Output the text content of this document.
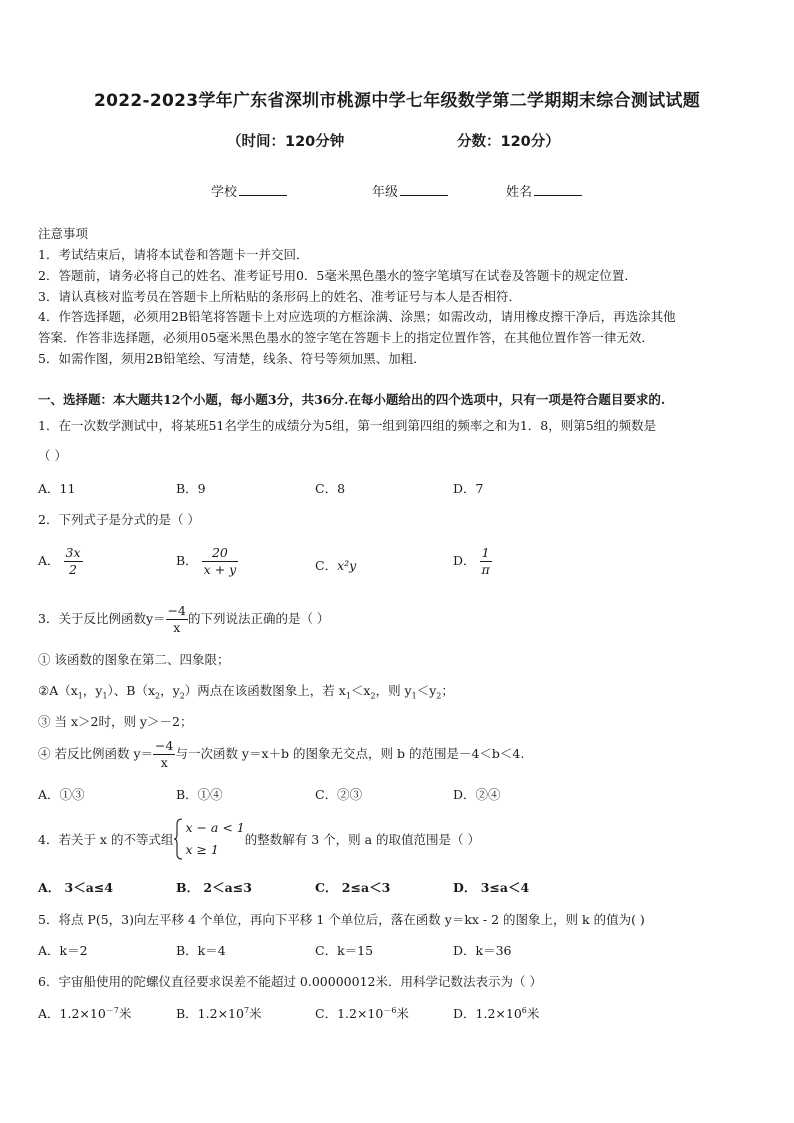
2022-2023学年广东省深圳市桃源中学七年级数学第二学期期末综合测试试题
（时间：120分钟	分数：120分）
学校	年级	姓名
注意事项
1．考试结束后，请将本试卷和答题卡一并交回．
2．答题前，请务必将自己的姓名、准考证号用0．5毫米黑色墨水的签字笔填写在试卷及答题卡的规定位置．
3．请认真核对监考员在答题卡上所粘贴的条形码上的姓名、准考证号与本人是否相符．
4．作答选择题，必须用2B铅笔将答题卡上对应选项的方框涂满、涂黑；如需改动，请用橡皮擦干净后，再选涂其他
答案．作答非选择题，必须用05毫米黑色墨水的签字笔在答题卡上的指定位置作答，在其他位置作答一律无效．
5．如需作图，须用2B铅笔绘、写清楚，线条、符号等须加黑、加粗．
一、选择题：本大题共12个小题，每小题3分，共36分.在每小题给出的四个选项中，只有一项是符合题目要求的.
1．在一次数学测试中，将某班51名学生的成绩分为5组，第一组到第四组的频率之和为1．8，则第5组的频数是
（ ）
A．11	B．9	C．8	D．7
2．下列式子是分式的是（ ）
A． $\frac{3x}{2}$	B． $\frac{20}{x + y}$	C．x²y	D． $\frac{1}{\pi}$
3．关于反比例函数$y= \frac{-4}{x}$ 的下列说法正确的是（ ）
① 该函数的图象在第二、四象限；
$②A(x_1$，$y_1$）、$B(x_2$，$y_2$）两点在该函数图象上，若 $x_1<x_2$，则 $y_1<y_2$；
③ 当 x＞2时，则 y＞－2；
④ 若反比例函数 $y= \frac{-4}{x}$ 与一次函数 y＝x＋b 的图象无交点，则 b 的范围是－4＜b＜4.
A．①③	B．①④	C．②③	D．②④
4．若关于 x 的不等式组
x − a < 1
x ≥ 1
的整数解有 3 个，则 a 的取值范围是（ ）
A． 3＜a≤4	B． 2＜a≤3	C． 2≤a＜3	D． 3≤a＜4
5．将点 P(5，3)向左平移 4 个单位，再向下平移 1 个单位后，落在函数 y＝kx - 2 的图象上，则 k 的值为( )
A．k＝2	B．k＝4	C．k＝15	D．k＝36
6．宇宙船使用的陀螺仪直径要求误差不能超过 0.00000012米．用科学记数法表示为（ ）
A．$1.2\times 10^{-7}$米	B．$1.2\times 10^7$米	C．$1.2\times 10^{-6}$米	D．$1.2\times 10^6$米
